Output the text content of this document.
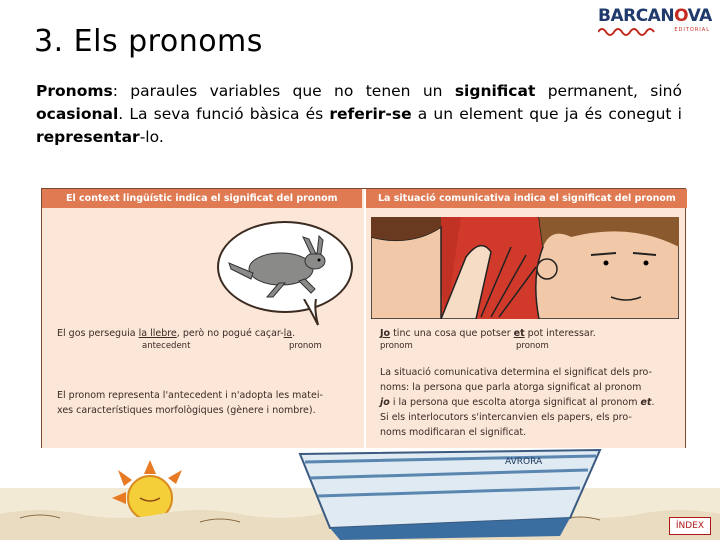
3. Els pronoms
BARCANOVA
EDITORIAL
Pronoms: paraules variables que no tenen un significat permanent, sinó ocasional. La seva funció bàsica és referir-se a un element que ja és conegut i representar-lo.
El context lingüístic indica el significat del pronom
El gos perseguia la llebre, però no pogué caçar-la.
antecedent	pronom
El pronom representa l'antecedent i n'adopta les matei-
xes característiques morfològiques (gènere i nombre).
La situació comunicativa indica el significat del pronom
Jo tinc una cosa que potser et pot interessar.
pronom	pronom
La situació comunicativa determina el significat dels pro-
noms: la persona que parla atorga significat al pronom
jo i la persona que escolta atorga significat al pronom et.
Si els interlocutors s'intercanvien els papers, els pro-
noms modificaran el significat.
AVRORA
ÍNDEX
